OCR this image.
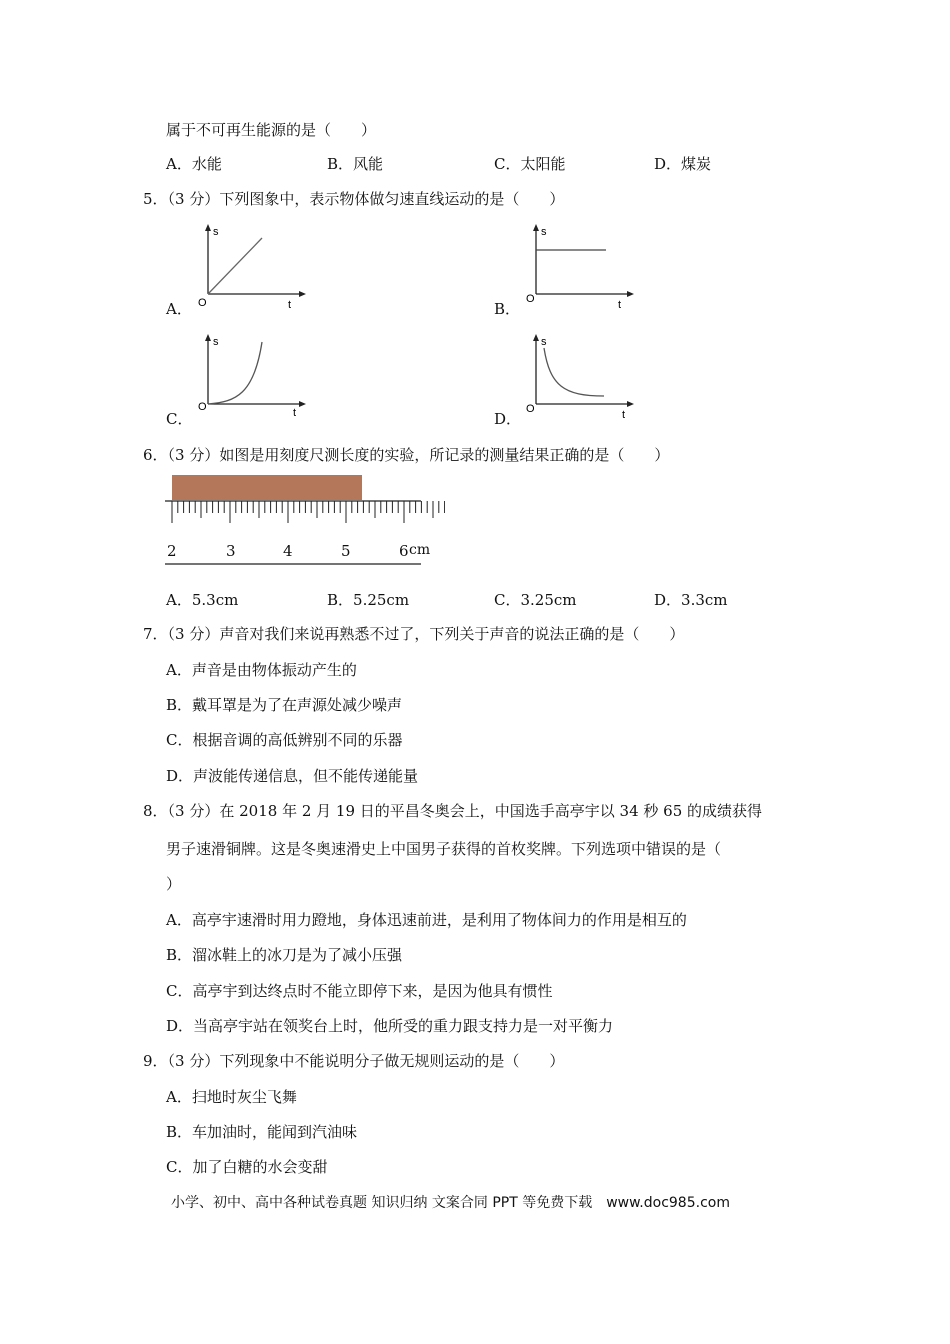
属于不可再生能源的是（　　）
A．水能	B．风能	C．太阳能	D．煤炭
5．（3 分）下列图象中，表示物体做匀速直线运动的是（　　）
A．	B．
C．	D．
s
O	t
s
O	t
s
O	t
s
O	t
6．（3 分）如图是用刻度尺测长度的实验，所记录的测量结果正确的是（　　）
2	3	4	5	6 cm
A．5.3cm	B．5.25cm	C．3.25cm	D．3.3cm
7．（3 分）声音对我们来说再熟悉不过了，下列关于声音的说法正确的是（　　）
A．声音是由物体振动产生的
B．戴耳罩是为了在声源处减少噪声
C．根据音调的高低辨别不同的乐器
D．声波能传递信息，但不能传递能量
8．（3 分）在 2018 年 2 月 19 日的平昌冬奥会上，中国选手高亭宇以 34 秒 65 的成绩获得
男子速滑铜牌。这是冬奥速滑史上中国男子获得的首枚奖牌。下列选项中错误的是（
）
A．高亭宇速滑时用力蹬地，身体迅速前进，是利用了物体间力的作用是相互的
B．溜冰鞋上的冰刀是为了减小压强
C．高亭宇到达终点时不能立即停下来，是因为他具有惯性
D．当高亭宇站在领奖台上时，他所受的重力跟支持力是一对平衡力
9．（3 分）下列现象中不能说明分子做无规则运动的是（　　）
A．扫地时灰尘飞舞
B．车加油时，能闻到汽油味
C．加了白糖的水会变甜
小学、初中、高中各种试卷真题 知识归纳 文案合同 PPT 等免费下载　www.doc985.com
